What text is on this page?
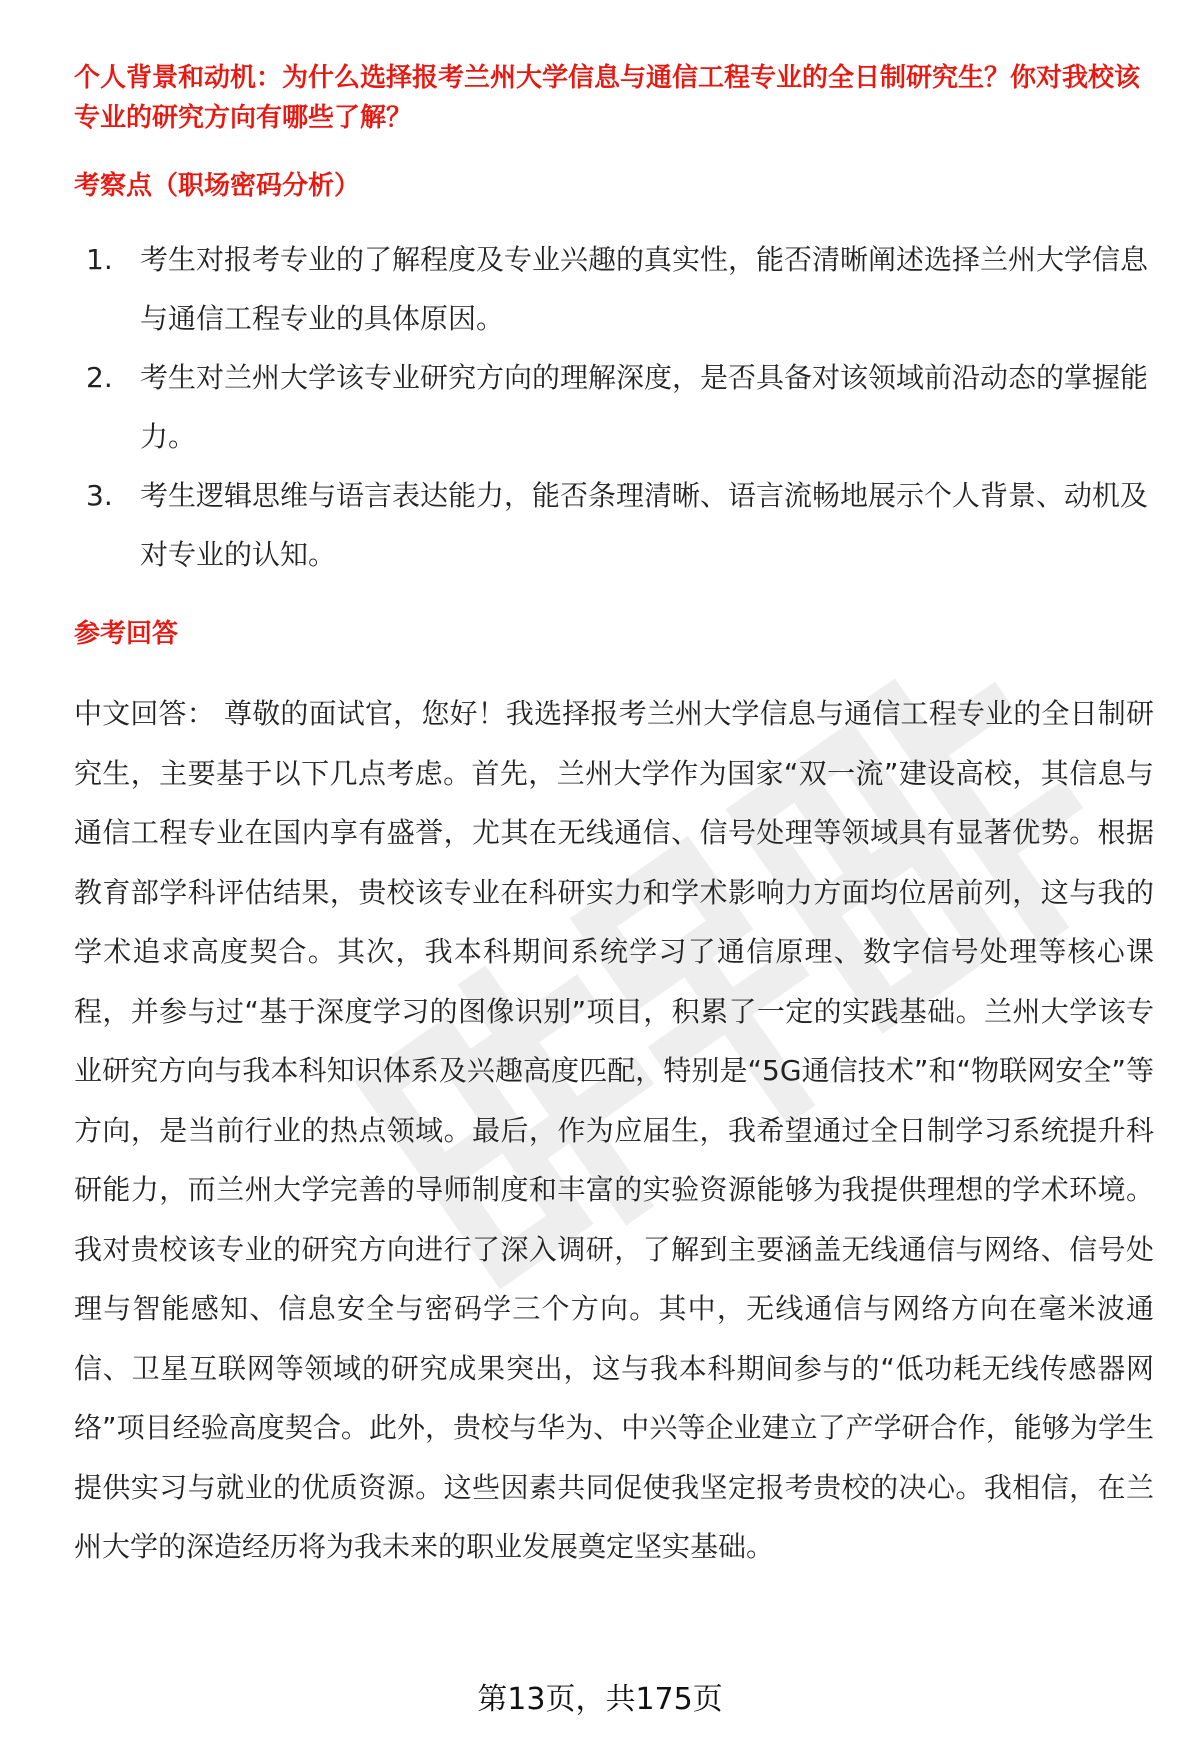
个人背景和动机：为什么选择报考兰州大学信息与通信工程专业的全日制研究生？你对我校该专业的研究方向有哪些了解？
考察点（职场密码分析）
1. 考生对报考专业的了解程度及专业兴趣的真实性，能否清晰阐述选择兰州大学信息与通信工程专业的具体原因。
2. 考生对兰州大学该专业研究方向的理解深度，是否具备对该领域前沿动态的掌握能力。
3. 考生逻辑思维与语言表达能力，能否条理清晰、语言流畅地展示个人背景、动机及对专业的认知。
参考回答

中文回答： 尊敬的面试官，您好！我选择报考兰州大学信息与通信工程专业的全日制研究生，主要基于以下几点考虑。首先，兰州大学作为国家“双一流”建设高校，其信息与通信工程专业在国内享有盛誉，尤其在无线通信、信号处理等领域具有显著优势。根据教育部学科评估结果，贵校该专业在科研实力和学术影响力方面均位居前列，这与我的学术追求高度契合。其次，我本科期间系统学习了通信原理、数字信号处理等核心课程，并参与过“基于深度学习的图像识别”项目，积累了一定的实践基础。兰州大学该专业研究方向与我本科知识体系及兴趣高度匹配，特别是“5G通信技术”和“物联网安全”等方向，是当前行业的热点领域。最后，作为应届生，我希望通过全日制学习系统提升科研能力，而兰州大学完善的导师制度和丰富的实验资源能够为我提供理想的学术环境。我对贵校该专业的研究方向进行了深入调研，了解到主要涵盖无线通信与网络、信号处理与智能感知、信息安全与密码学三个方向。其中，无线通信与网络方向在毫米波通信、卫星互联网等领域的研究成果突出，这与我本科期间参与的“低功耗无线传感器网络”项目经验高度契合。此外，贵校与华为、中兴等企业建立了产学研合作，能够为学生提供实习与就业的优质资源。这些因素共同促使我坚定报考贵校的决心。我相信，在兰州大学的深造经历将为我未来的职业发展奠定坚实基础。

第13页，共175页
